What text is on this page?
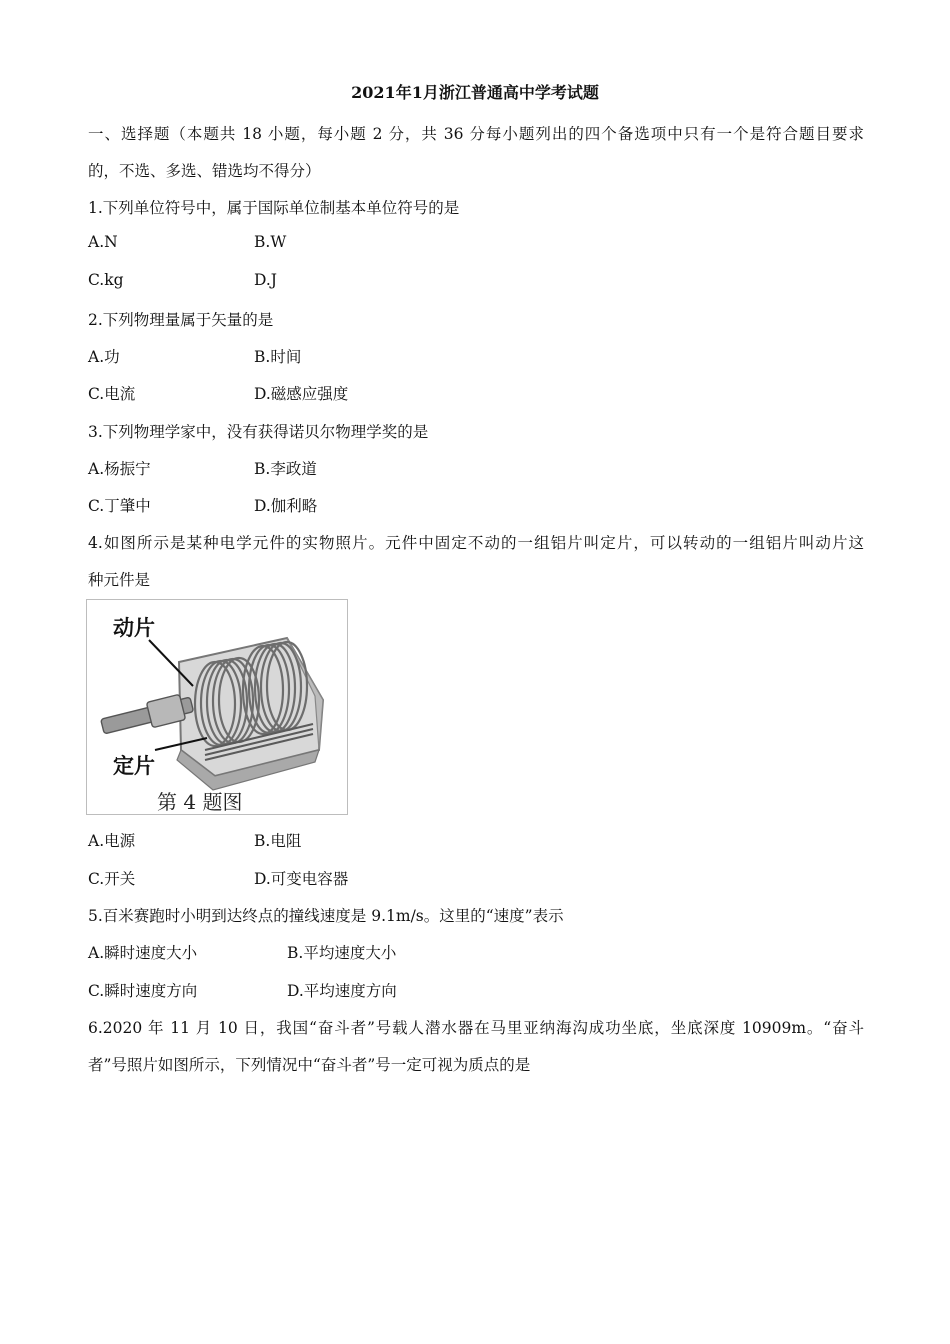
2021年1月浙江普通高中学考试题
一、选择题（本题共 18 小题，每小题 2 分，共 36 分每小题列出的四个备选项中只有一个是符合题目要求
的，不选、多选、错选均不得分）
1.下列单位符号中，属于国际单位制基本单位符号的是
A.N	B.W
C.kg	D.J
2.下列物理量属于矢量的是
A.功	B.时间
C.电流	D.磁感应强度
3.下列物理学家中，没有获得诺贝尔物理学奖的是
A.杨振宁	B.李政道
C.丁肇中	D.伽利略
4.如图所示是某种电学元件的实物照片。元件中固定不动的一组铝片叫定片，可以转动的一组铝片叫动片这
种元件是
动片
定片
第 4 题图
A.电源	B.电阻
C.开关	D.可变电容器
5.百米赛跑时小明到达终点的撞线速度是 9.1m/s。这里的“速度”表示
A.瞬时速度大小	B.平均速度大小
C.瞬时速度方向	D.平均速度方向
6.2020 年 11 月 10 日，我国“奋斗者”号载人潜水器在马里亚纳海沟成功坐底，坐底深度 10909m。“奋斗
者”号照片如图所示，下列情况中“奋斗者”号一定可视为质点的是
